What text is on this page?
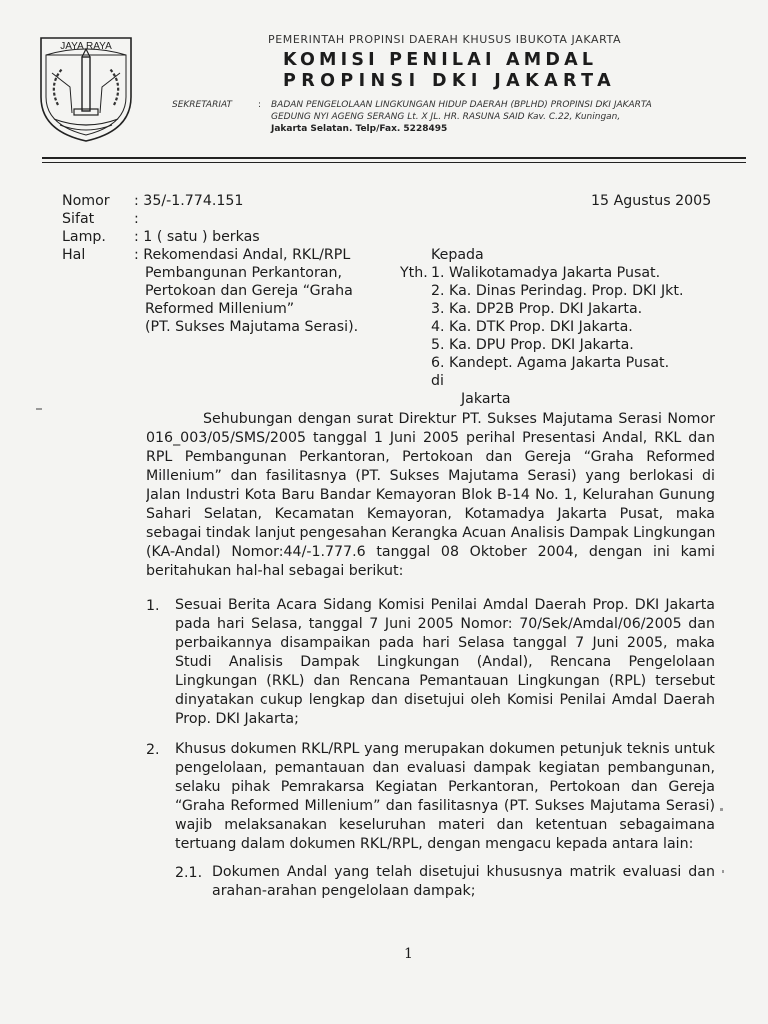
JAYA RAYA
PEMERINTAH PROPINSI DAERAH KHUSUS IBUKOTA JAKARTA
KOMISI PENILAI AMDAL
PROPINSI DKI JAKARTA
SEKRETARIAT	: BADAN PENGELOLAAN LINGKUNGAN HIDUP DAERAH (BPLHD) PROPINSI DKI JAKARTA
GEDUNG NYI AGENG SERANG Lt. X JL. HR. RASUNA SAID Kav. C.22, Kuningan,
Jakarta Selatan. Telp/Fax. 5228495
Nomor
Sifat
Lamp.
Hal
: 35/-1.774.151
:
: 1 ( satu ) berkas
: Rekomendasi Andal, RKL/RPL
Pembangunan Perkantoran,
Pertokoan dan Gereja “Graha
Reformed Millenium”
(PT. Sukses Majutama Serasi).
15 Agustus 2005
Kepada
Yth. 1. Walikotamadya Jakarta Pusat.
2. Ka. Dinas Perindag. Prop. DKI Jkt.
3. Ka. DP2B Prop. DKI Jakarta.
4. Ka. DTK Prop. DKI Jakarta.
5. Ka. DPU Prop. DKI Jakarta.
6. Kandept. Agama Jakarta Pusat.
di
Jakarta
Sehubungan dengan surat Direktur PT. Sukses Majutama Serasi Nomor
016_003/05/SMS/2005 tanggal 1 Juni 2005 perihal Presentasi Andal, RKL dan
RPL Pembangunan Perkantoran, Pertokoan dan Gereja “Graha Reformed
Millenium” dan fasilitasnya (PT. Sukses Majutama Serasi) yang berlokasi di
Jalan Industri Kota Baru Bandar Kemayoran Blok B-14 No. 1, Kelurahan Gunung
Sahari Selatan, Kecamatan Kemayoran, Kotamadya Jakarta Pusat, maka
sebagai tindak lanjut pengesahan Kerangka Acuan Analisis Dampak Lingkungan
(KA-Andal) Nomor:44/-1.777.6 tanggal 08 Oktober 2004, dengan ini kami
beritahukan hal-hal sebagai berikut:
1. Sesuai Berita Acara Sidang Komisi Penilai Amdal Daerah Prop. DKI Jakarta
pada hari Selasa, tanggal 7 Juni 2005 Nomor: 70/Sek/Amdal/06/2005 dan
perbaikannya disampaikan pada hari Selasa tanggal 7 Juni 2005, maka
Studi Analisis Dampak Lingkungan (Andal), Rencana Pengelolaan
Lingkungan (RKL) dan Rencana Pemantauan Lingkungan (RPL) tersebut
dinyatakan cukup lengkap dan disetujui oleh Komisi Penilai Amdal Daerah
Prop. DKI Jakarta;
2. Khusus dokumen RKL/RPL yang merupakan dokumen petunjuk teknis untuk
pengelolaan, pemantauan dan evaluasi dampak kegiatan pembangunan,
selaku pihak Pemrakarsa Kegiatan Perkantoran, Pertokoan dan Gereja
“Graha Reformed Millenium” dan fasilitasnya (PT. Sukses Majutama Serasi)
wajib melaksanakan keseluruhan materi dan ketentuan sebagaimana
tertuang dalam dokumen RKL/RPL, dengan mengacu kepada antara lain:
2.1. Dokumen Andal yang telah disetujui khususnya matrik evaluasi dan
arahan-arahan pengelolaan dampak;
1
